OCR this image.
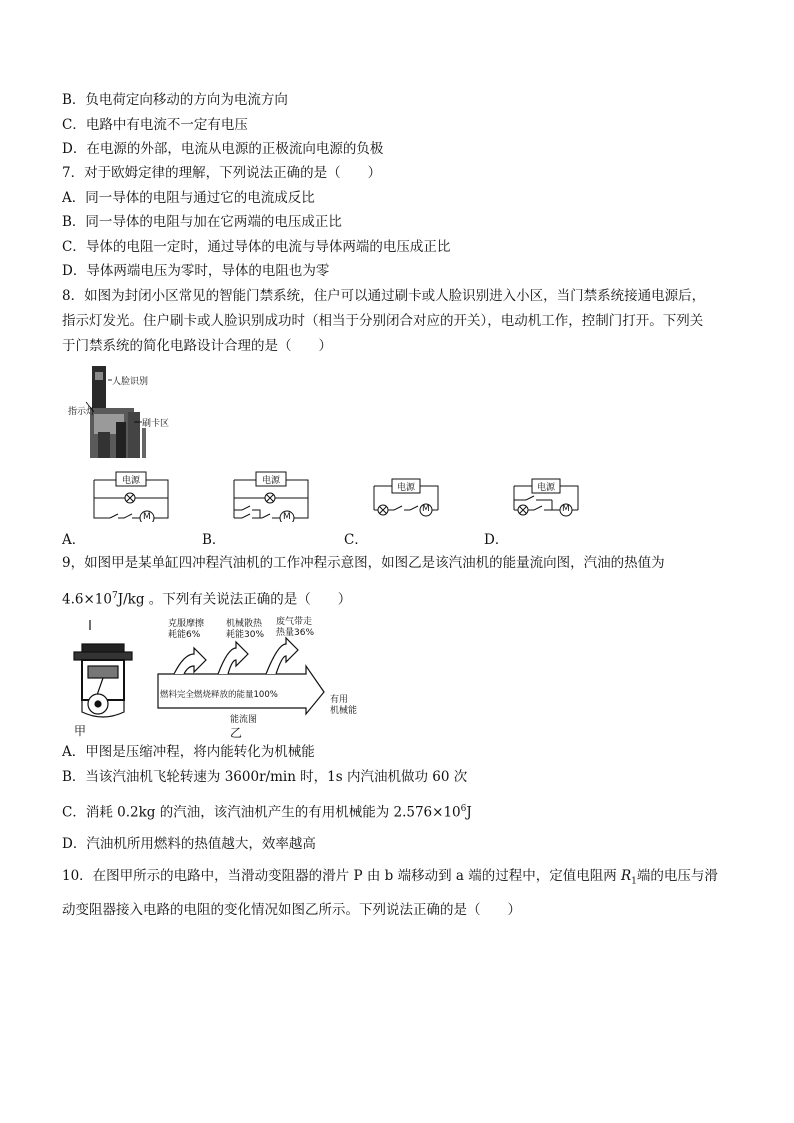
B．负电荷定向移动的方向为电流方向
C．电路中有电流不一定有电压
D．在电源的外部，电流从电源的正极流向电源的负极
7．对于欧姆定律的理解，下列说法正确的是（　　）
A．同一导体的电阻与通过它的电流成反比
B．同一导体的电阻与加在它两端的电压成正比
C．导体的电阻一定时，通过导体的电流与导体两端的电压成正比
D．导体两端电压为零时，导体的电阻也为零
8．如图为封闭小区常见的智能门禁系统，住户可以通过刷卡或人脸识别进入小区，当门禁系统接通电源后，
指示灯发光。住户刷卡或人脸识别成功时（相当于分别闭合对应的开关），电动机工作，控制门打开。下列关
于门禁系统的简化电路设计合理的是（　　）
人脸识别
指示灯
刷卡区
A．
电源
M
B．
电源
M
C．
电源
M
D．
电源
M
9，如图甲是某单缸四冲程汽油机的工作冲程示意图，如图乙是该汽油机的能量流向图，汽油的热值为
$4.6\times 10^7J/kg$ 。下列有关说法正确的是（　　）
甲
克服摩擦
耗能6%
机械散热
耗能30%
废气带走
热量36%
燃料完全燃烧释放的能量100%	有用
机械能
能流图
乙
A．甲图是压缩冲程，将内能转化为机械能
B．当该汽油机飞轮转速为 3600r/min 时，1s 内汽油机做功 60 次
C．消耗 0.2kg 的汽油，该汽油机产生的有用机械能为 $2.576\times 10^6J$
D．汽油机所用燃料的热值越大，效率越高
10．在图甲所示的电路中，当滑动变阻器的滑片 P 由 b 端移动到 a 端的过程中，定值电阻两 $R_1$端的电压与滑
动变阻器接入电路的电阻的变化情况如图乙所示。下列说法正确的是（　　）
